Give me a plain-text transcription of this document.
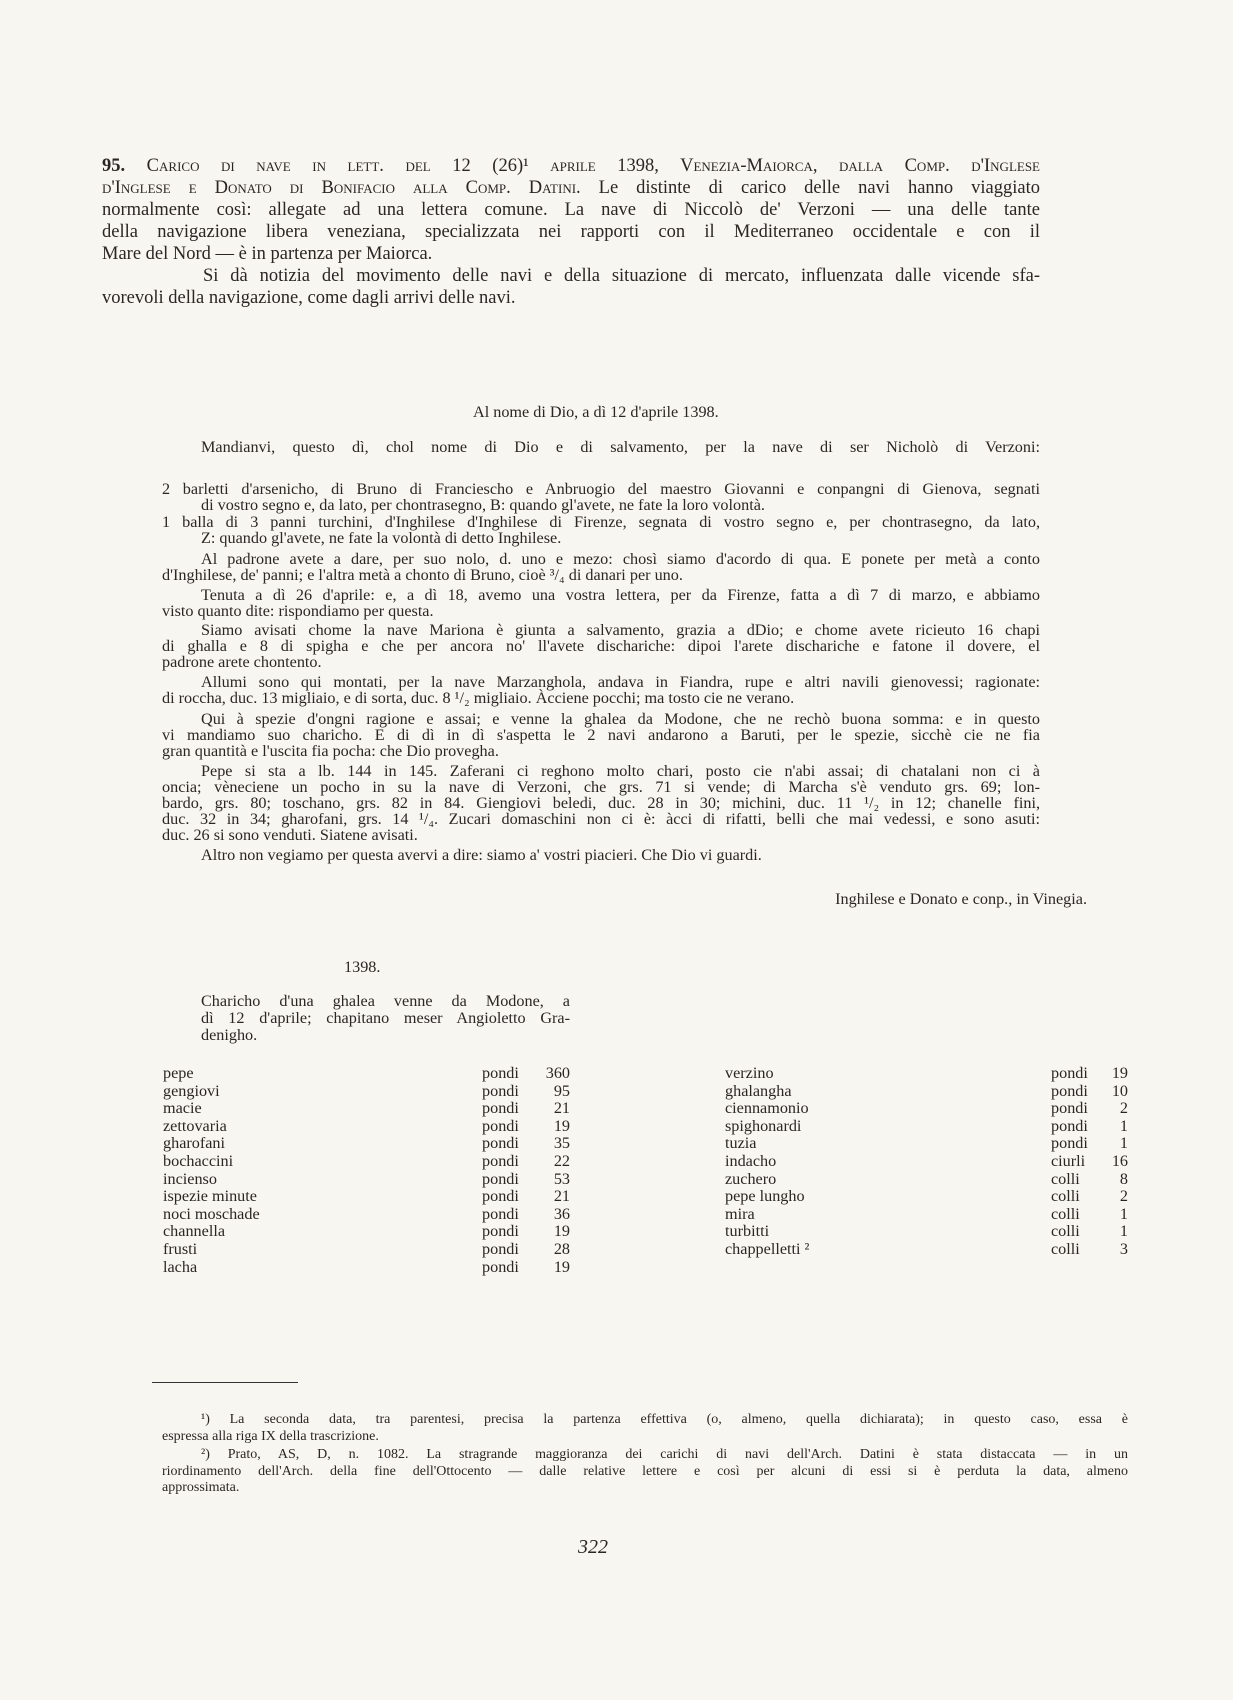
95. Carico di nave in lett. del 12 (26)¹ aprile 1398, Venezia-Maiorca, dalla Comp. d'Inglese
d'Inglese e Donato di Bonifacio alla Comp. Datini. Le distinte di carico delle navi hanno viaggiato
normalmente così: allegate ad una lettera comune. La nave di Niccolò de' Verzoni — una delle tante
della navigazione libera veneziana, specializzata nei rapporti con il Mediterraneo occidentale e con il
Mare del Nord — è in partenza per Maiorca.
Si dà notizia del movimento delle navi e della situazione di mercato, influenzata dalle vicende sfa-
vorevoli della navigazione, come dagli arrivi delle navi.
Al nome di Dio, a dì 12 d'aprile 1398.
Mandianvi, questo dì, chol nome di Dio e di salvamento, per la nave di ser Nicholò di Verzoni:
2 barletti d'arsenicho, di Bruno di Franciescho e Anbruogio del maestro Giovanni e conpangni di Gienova, segnati
di vostro segno e, da lato, per chontrasegno, B: quando gl'avete, ne fate la loro volontà.
1 balla di 3 panni turchini, d'Inghilese d'Inghilese di Firenze, segnata di vostro segno e, per chontrasegno, da lato,
Z: quando gl'avete, ne fate la volontà di detto Inghilese.
Al padrone avete a dare, per suo nolo, d. uno e mezo: chosì siamo d'acordo di qua. E ponete per metà a conto
d'Inghilese, de' panni; e l'altra metà a chonto di Bruno, cioè ³/₄ di danari per uno.
Tenuta a dì 26 d'aprile: e, a dì 18, avemo una vostra lettera, per da Firenze, fatta a dì 7 di marzo, e abbiamo
visto quanto dite: rispondiamo per questa.
Siamo avisati chome la nave Mariona è giunta a salvamento, grazia a dDio; e chome avete ricieuto 16 chapi
di ghalla e 8 di spigha e che per ancora no' ll'avete dischariche: dipoi l'arete dischariche e fatone il dovere, el
padrone arete chontento.
Allumi sono qui montati, per la nave Marzanghola, andava in Fiandra, rupe e altri navili gienovessi; ragionate:
di roccha, duc. 13 migliaio, e di sorta, duc. 8 ¹/₂ migliaio. Àcciene pocchi; ma tosto cie ne verano.
Qui à spezie d'ongni ragione e assai; e venne la ghalea da Modone, che ne rechò buona somma: e in questo
vi mandiamo suo charicho. E di dì in dì s'aspetta le 2 navi andarono a Baruti, per le spezie, sicchè cie ne fia
gran quantità e l'uscita fia pocha: che Dio provegha.
Pepe si sta a lb. 144 in 145. Zaferani ci reghono molto chari, posto cie n'abi assai; di chatalani non ci à
oncia; vèneciene un pocho in su la nave di Verzoni, che grs. 71 si vende; di Marcha s'è venduto grs. 69; lon-
bardo, grs. 80; toschano, grs. 82 in 84. Giengiovi beledi, duc. 28 in 30; michini, duc. 11 ¹/₂ in 12; chanelle fini,
duc. 32 in 34; gharofani, grs. 14 ¹/₄. Zucari domaschini non ci è: àcci di rifatti, belli che mai vedessi, e sono asuti:
duc. 26 si sono venduti. Siatene avisati.
Altro non vegiamo per questa avervi a dire: siamo a' vostri piacieri. Che Dio vi guardi.
Inghilese e Donato e conp., in Vinegia.
1398.
Charicho d'una ghalea venne da Modone, a
dì 12 d'aprile; chapitano meser Angioletto Gra-
denigho.
pepe	pondi 360
gengiovi	pondi 95
macie	pondi 21
zettovaria	pondi 19
gharofani	pondi 35
bochaccini	pondi 22
inciensо	pondi 53
ispezie minute	pondi 21
noci moschade	pondi 36
channella	pondi 19
frusti	pondi 28
lacha	pondi 19
verzino	pondi 19
ghalangha	pondi 10
ciennamonio	pondi 2
spighonardi	pondi 1
tuzia	pondi 1
indacho	ciurli 16
zuchero	colli 8
pepe lungho	colli 2
mira	colli 1
turbitti	colli 1
chappelletti ²	colli 3
¹) La seconda data, tra parentesi, precisa la partenza effettiva (o, almeno, quella dichiarata); in questo caso, essa è
espressa alla riga IX della trascrizione.
²) Prato, AS, D, n. 1082. La stragrande maggioranza dei carichi di navi dell'Arch. Datini è stata distaccata — in un
riordinamento dell'Arch. della fine dell'Ottocento — dalle relative lettere e così per alcuni di essi si è perduta la data, almeno
approssimata.
322
